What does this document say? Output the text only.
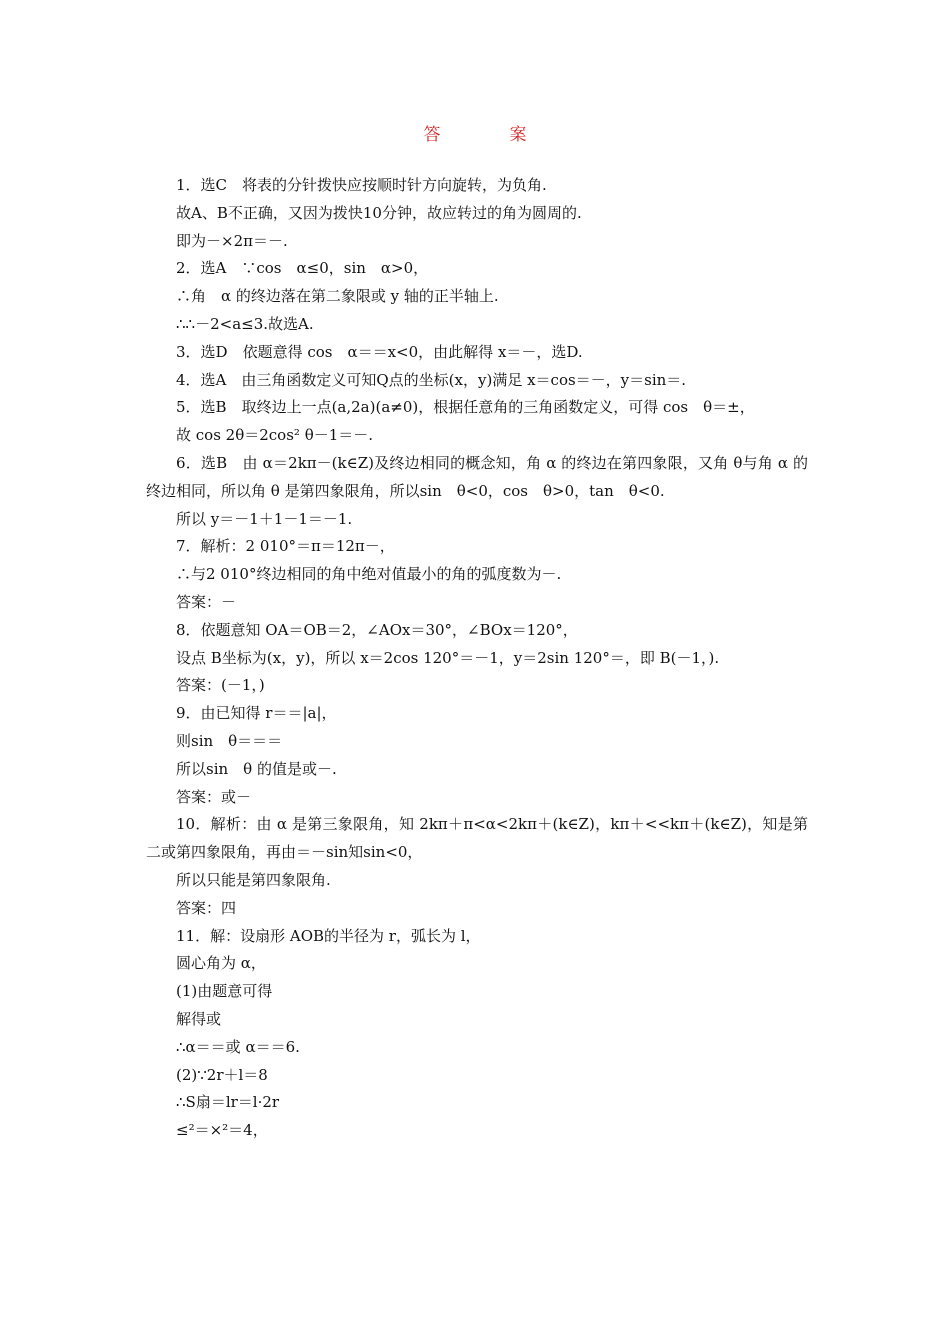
答　案
1．选C　将表的分针拨快应按顺时针方向旋转，为负角.
故A、B不正确，又因为拨快10分钟，故应转过的角为圆周的.
即为－×2π＝－.
2．选A　∵cos　α≤0，sin　α>0，
∴角　α 的终边落在第二象限或 y 轴的正半轴上.
∴∴－2<a≤3.故选A.
3．选D　依题意得 cos　α＝＝x<0，由此解得 x＝－，选D.
4．选A　由三角函数定义可知Q点的坐标(x，y)满足 x＝cos＝－，y＝sin＝.
5．选B　取终边上一点(a,2a)(a≠0)，根据任意角的三角函数定义，可得 cos　θ＝±，
故 cos 2θ＝2cos² θ－1＝－.
6．选B　由 α＝2kπ－(k∈Z)及终边相同的概念知，角 α 的终边在第四象限，又角 θ与角 α 的终边相同，所以角 θ 是第四象限角，所以sin　θ<0，cos　θ>0，tan　θ<0.
所以 y＝－1＋1－1＝－1.
7．解析：2 010°＝π＝12π－，
∴与2 010°终边相同的角中绝对值最小的角的弧度数为－.
答案：－
8．依题意知 OA＝OB＝2，∠AOx＝30°，∠BOx＝120°，
设点 B坐标为(x，y)，所以 x＝2cos 120°＝－1，y＝2sin 120°＝，即 B(－1，).
答案：(－1，)
9．由已知得 r＝＝|a|，
则sin　θ＝＝＝
所以sin　θ 的值是或－.
答案：或－
10．解析：由 α 是第三象限角，知 2kπ＋π<α<2kπ＋(k∈Z)，kπ＋<<kπ＋(k∈Z)，知是第二或第四象限角，再由＝－sin知sin<0，
所以只能是第四象限角.
答案：四
11．解：设扇形 AOB的半径为 r，弧长为 l，
圆心角为 α，
(1)由题意可得
解得或
∴α＝＝或 α＝＝6.
(2)∵2r＋l＝8
∴S扇＝lr＝l·2r
≤²＝×²＝4，
